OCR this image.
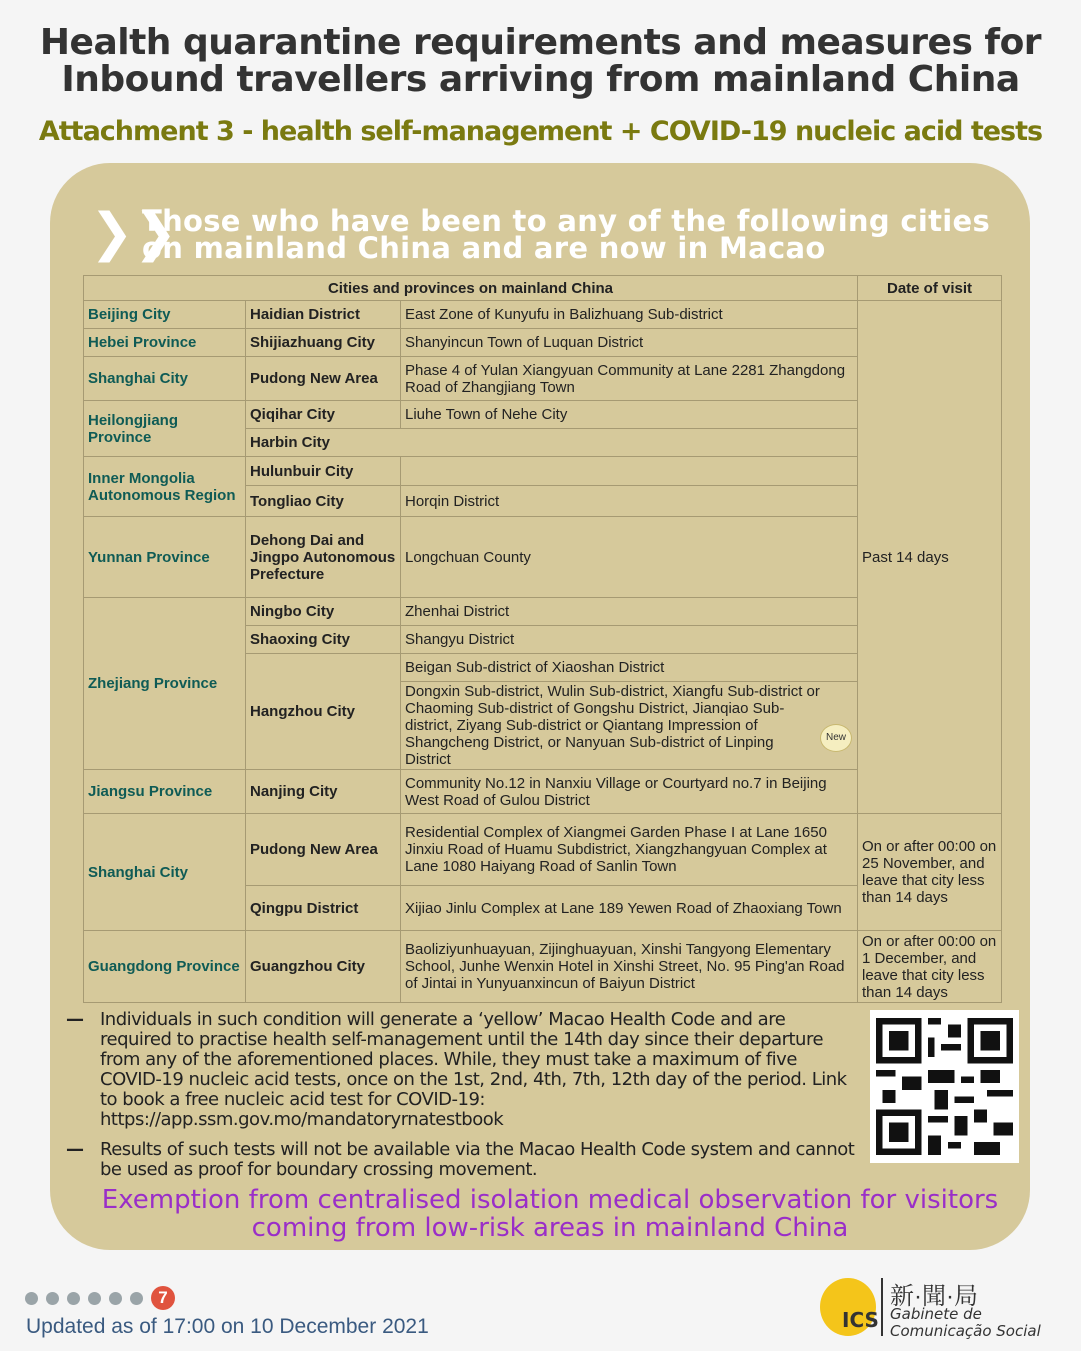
Health quarantine requirements and measures for Inbound travellers arriving from mainland China
Attachment 3 - health self-management + COVID-19 nucleic acid tests
❯❯
Those who have been to any of the following cities on mainland China and are now in Macao
Cities and provinces on mainland China			Date of visit
Beijing City	Haidian District	East Zone of Kunyufu in Balizhuang Sub-district	Past 14 days
Hebei Province	Shijiazhuang City	Shanyincun Town of Luquan District	
Shanghai City	Pudong New Area	Phase 4 of Yulan Xiangyuan Community at Lane 2281 Zhangdong Road of Zhangjiang Town	
Heilongjiang Province	Qiqihar City	Liuhe Town of Nehe City	
	Harbin City		
Inner Mongolia Autonomous Region	Hulunbuir City		
	Tongliao City	Horqin District	
Yunnan Province	Dehong Dai and Jingpo Autonomous Prefecture	Longchuan County	
Zhejiang Province	Ningbo City	Zhenhai District	
	Shaoxing City	Shangyu District	
	Hangzhou City	Beigan Sub-district of Xiaoshan District	
		Dongxin Sub-district, Wulin Sub-district, Xiangfu Sub-district or Chaoming Sub-district of Gongshu District, Jianqiao Sub-district, Ziyang Sub-district or Qiantang Impression of Shangcheng District, or Nanyuan Sub-district of Linping District	
Jiangsu Province	Nanjing City	Community No.12 in Nanxiu Village or Courtyard no.7 in Beijing West Road of Gulou District	
Shanghai City	Pudong New Area	Residential Complex of Xiangmei Garden Phase I at Lane 1650 Jinxiu Road of Huamu Subdistrict, Xiangzhangyuan Complex at Lane 1080 Haiyang Road of Sanlin Town	On or after 00:00 on 25 November, and leave that city less than 14 days
	Qingpu District	Xijiao Jinlu Complex at Lane 189 Yewen Road of Zhaoxiang Town	
Guangdong Province	Guangzhou City	Baoliziyunhuayuan, Zijinghuayuan, Xinshi Tangyong Elementary School, Junhe Wenxin Hotel in Xinshi Street, No. 95 Ping'an Road of Jintai in Yunyuanxincun of Baiyun District	On or after 00:00 on 1 December, and leave that city less than 14 days
New
— Individuals in such condition will generate a ‘yellow’ Macao Health Code and are required to practise health self-management until the 14th day since their departure from any of the aforementioned places. While, they must take a maximum of five COVID-19 nucleic acid tests, once on the 1st, 2nd, 4th, 7th, 12th day of the period. Link to book a free nucleic acid test for COVID-19: https://app.ssm.gov.mo/mandatoryrnatestbook
— Results of such tests will not be available via the Macao Health Code system and cannot be used as proof for boundary crossing movement.
Exemption from centralised isolation medical observation for visitors coming from low-risk areas in mainland China
7
Updated as of 17:00 on 10 December 2021	ICS
新·聞·局
Gabinete de Comunicação Social
